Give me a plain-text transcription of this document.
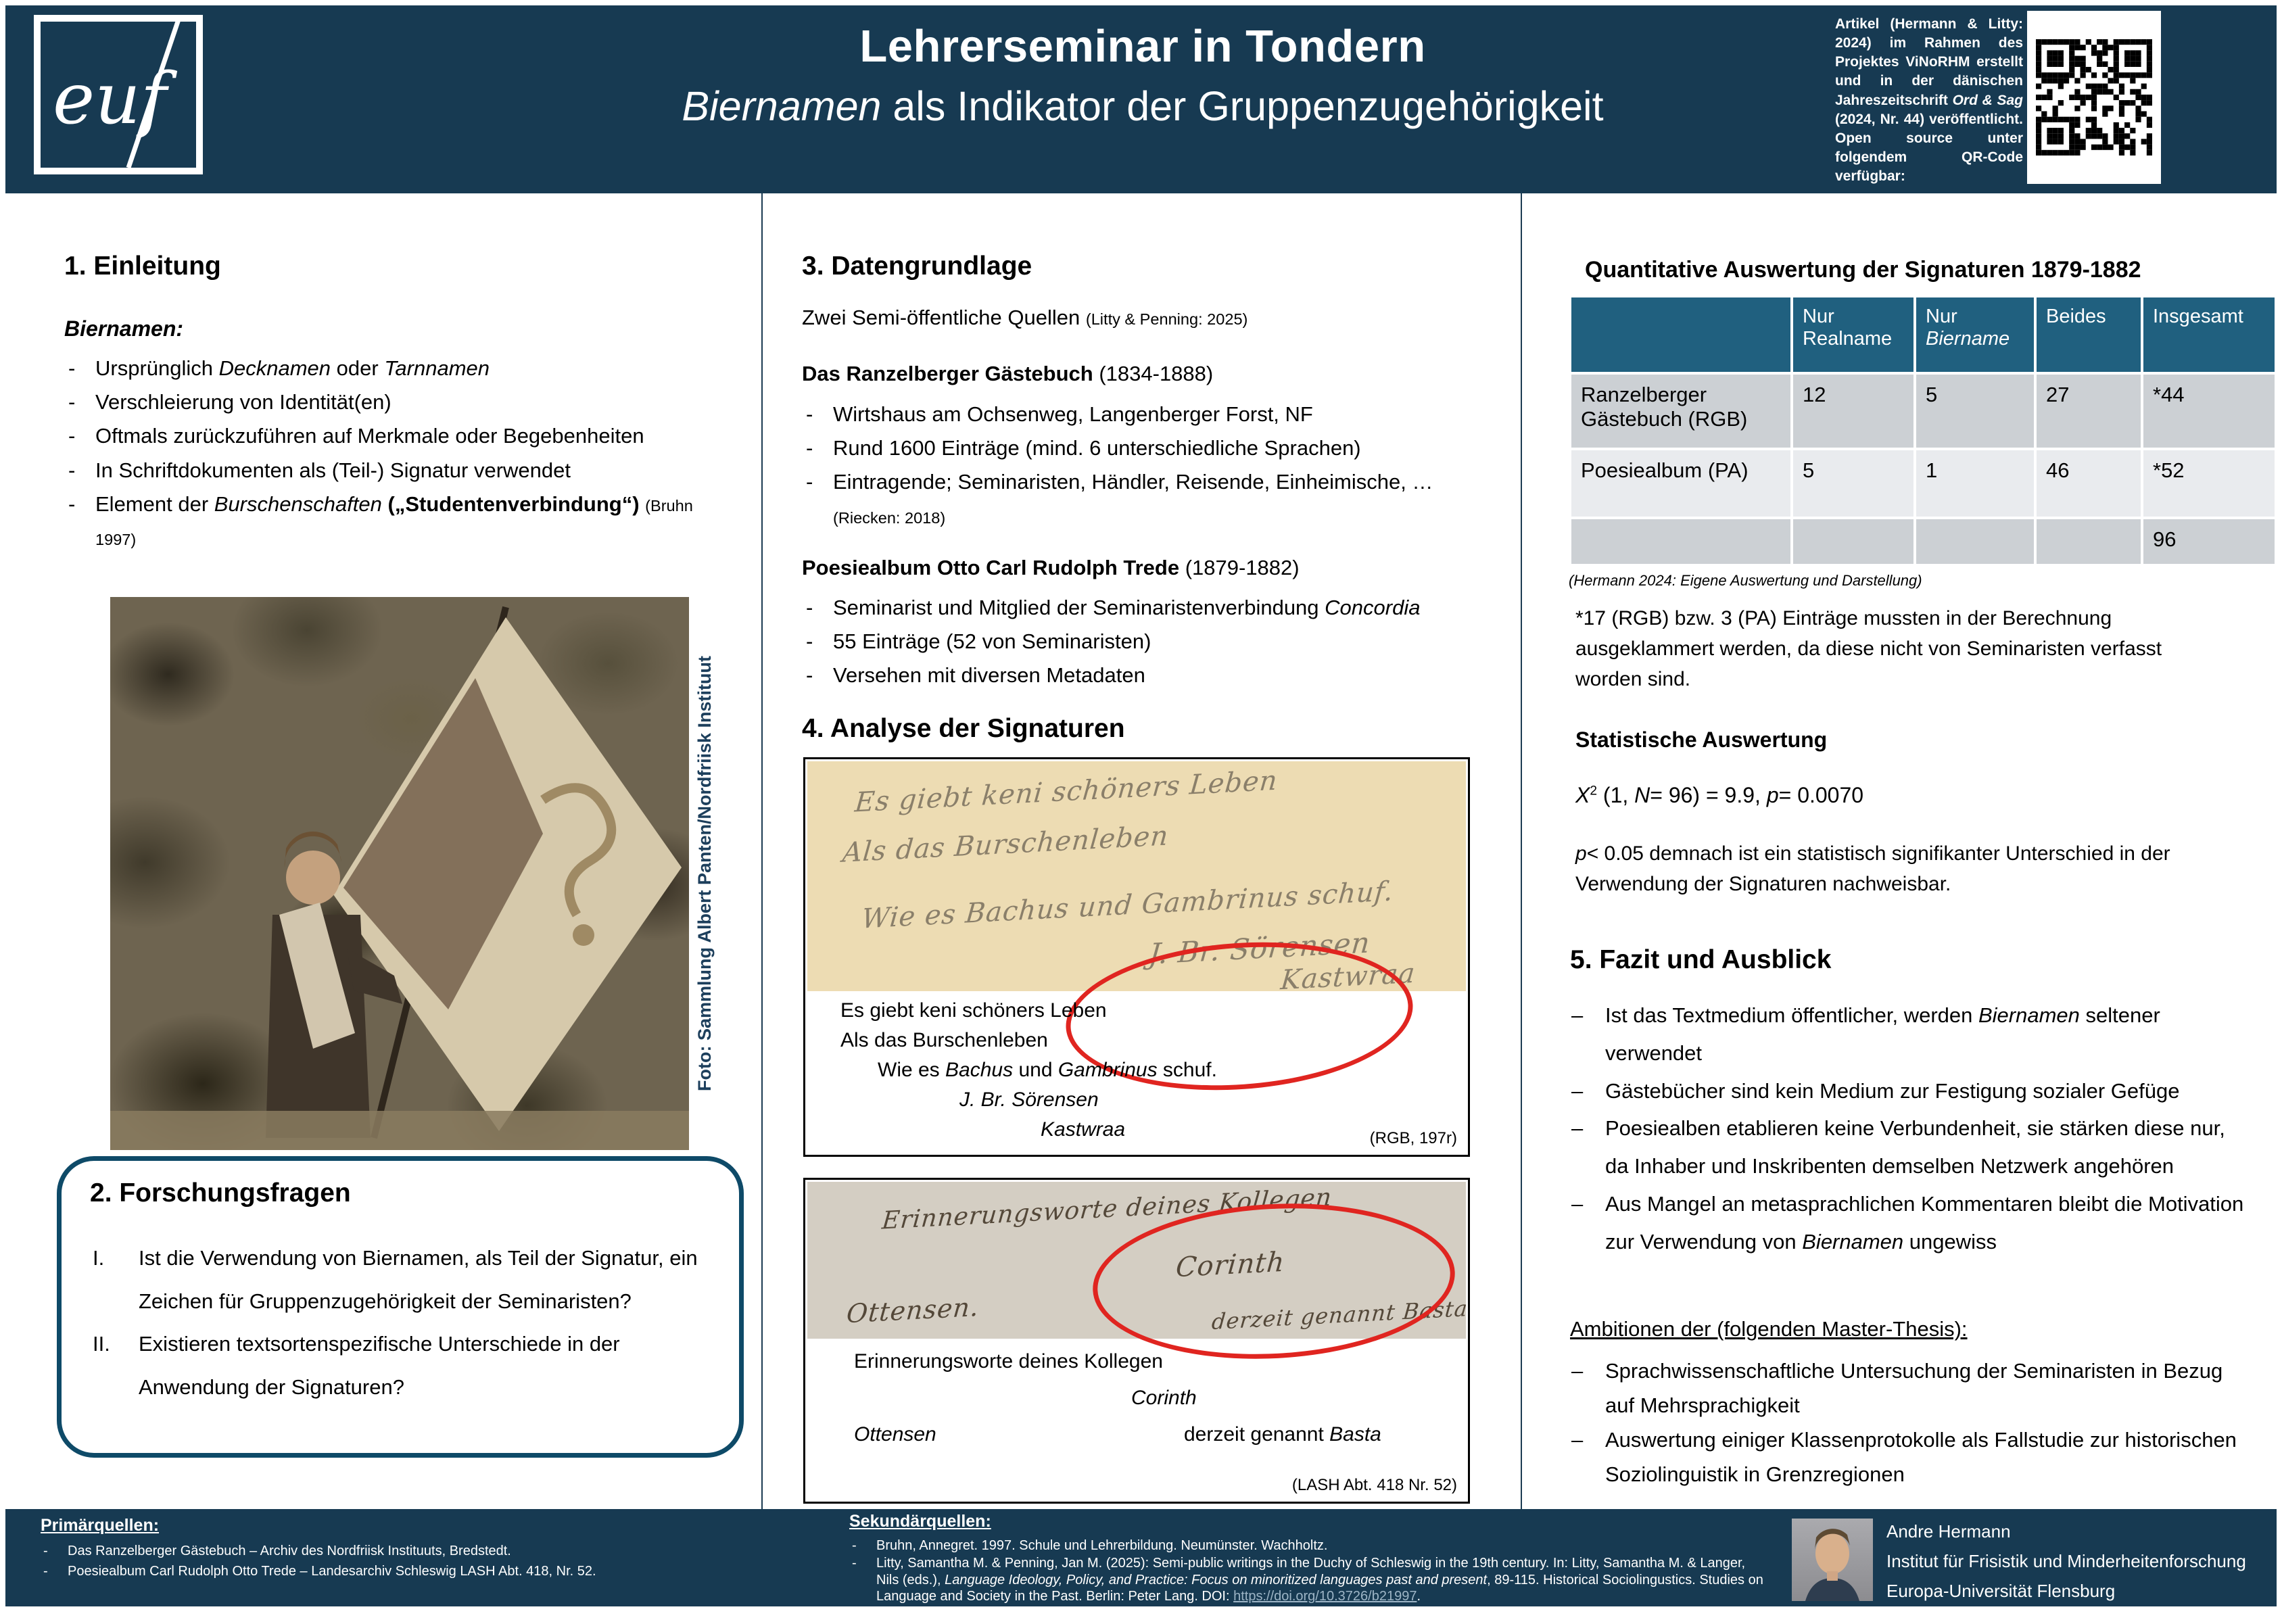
euf
Lehrerseminar in Tondern
Biernamen als Indikator der Gruppenzugehörigkeit
Artikel (Hermann & Litty: 2024) im Rahmen des Projektes ViNoRHM erstellt und in der dänischen Jahreszeitschrift Ord & Sag (2024, Nr. 44) veröffentlicht. Open source unter folgendem QR-Code verfügbar:
1. Einleitung
Biernamen:
- Ursprünglich Decknamen oder Tarnnamen
- Verschleierung von Identität(en)
- Oftmals zurückzuführen auf Merkmale oder Begebenheiten
- In Schriftdokumenten als (Teil-) Signatur verwendet
- Element der Burschenschaften („Studentenverbindung“) (Bruhn 1997)
Foto: Sammlung Albert Panten/Nordfriisk Instituut
2. Forschungsfragen
I. Ist die Verwendung von Biernamen, als Teil der Signatur, ein Zeichen für Gruppenzugehörigkeit der Seminaristen?
II. Existieren textsortenspezifische Unterschiede in der Anwendung der Signaturen?
3. Datengrundlage
Zwei Semi-öffentliche Quellen (Litty & Penning: 2025)
Das Ranzelberger Gästebuch (1834-1888)
- Wirtshaus am Ochsenweg, Langenberger Forst, NF
- Rund 1600 Einträge (mind. 6 unterschiedliche Sprachen)
- Eintragende; Seminaristen, Händler, Reisende, Einheimische, …(Riecken: 2018)
Poesiealbum Otto Carl Rudolph Trede (1879-1882)
- Seminarist und Mitglied der Seminaristenverbindung Concordia
- 55 Einträge (52 von Seminaristen)
- Versehen mit diversen Metadaten
4. Analyse der Signaturen
Es giebt keni schöners Leben
Als das Burschenleben
Wie es Bachus und Gambrinus schuf.
J. Br. Sörensen
Kastwraa
Es giebt keni schöners Leben
Als das Burschenleben
Wie es Bachus und Gambrinus schuf.
J. Br. Sörensen
Kastwraa	(RGB, 197r)
Erinnerungsworte deines Kollegen
Corinth
Ottensen.	derzeit genannt Basta
Erinnerungsworte deines Kollegen
Corinth
Ottensen	derzeit genannt Basta
(LASH Abt. 418 Nr. 52)
Quantitative Auswertung der Signaturen 1879-1882
	Nur Realname	Nur Biername	Beides	Insgesamt
Ranzelberger Gästebuch (RGB)	12	5	27	*44
Poesiealbum (PA)	5	1	46	*52
				96
(Hermann 2024: Eigene Auswertung und Darstellung)
*17 (RGB) bzw. 3 (PA) Einträge mussten in der Berechnung ausgeklammert werden, da diese nicht von Seminaristen verfasst worden sind.
Statistische Auswertung
$X^2$ (1, N= 96) = 9.9, p= 0.0070
p< 0.05 demnach ist ein statistisch signifikanter Unterschied in der Verwendung der Signaturen nachweisbar.
5. Fazit und Ausblick
– Ist das Textmedium öffentlicher, werden Biernamen seltener verwendet
– Gästebücher sind kein Medium zur Festigung sozialer Gefüge
– Poesiealben etablieren keine Verbundenheit, sie stärken diese nur, da Inhaber und Inskribenten demselben Netzwerk angehören
– Aus Mangel an metasprachlichen Kommentaren bleibt die Motivation zur Verwendung von Biernamen ungewiss
Ambitionen der (folgenden Master-Thesis):
– Sprachwissenschaftliche Untersuchung der Seminaristen in Bezug auf Mehrsprachigkeit
– Auswertung einiger Klassenprotokolle als Fallstudie zur historischen Soziolinguistik in Grenzregionen
Primärquellen:
- Das Ranzelberger Gästebuch – Archiv des Nordfriisk Instituuts, Bredstedt.
- Poesiealbum Carl Rudolph Otto Trede – Landesarchiv Schleswig LASH Abt. 418, Nr. 52.
Sekundärquellen:
- Bruhn, Annegret. 1997. Schule und Lehrerbildung. Neumünster. Wachholtz.
- Litty, Samantha M. & Penning, Jan M. (2025): Semi-public writings in the Duchy of Schleswig in the 19th century. In: Litty, Samantha M. & Langer, Nils (eds.), Language Ideology, Policy, and Practice: Focus on minoritized languages past and present, 89-115. Historical Sociolingustics. Studies on Language and Society in the Past. Berlin: Peter Lang. DOI: https://doi.org/10.3726/b21997.
- Riecken, Claas (2018). „Bei Peter haben wir Nachtquartier“. Nordfriesland 204. 24-27.
Andre Hermann
Institut für Frisistik und Minderheitenforschung
Europa-Universität Flensburg
